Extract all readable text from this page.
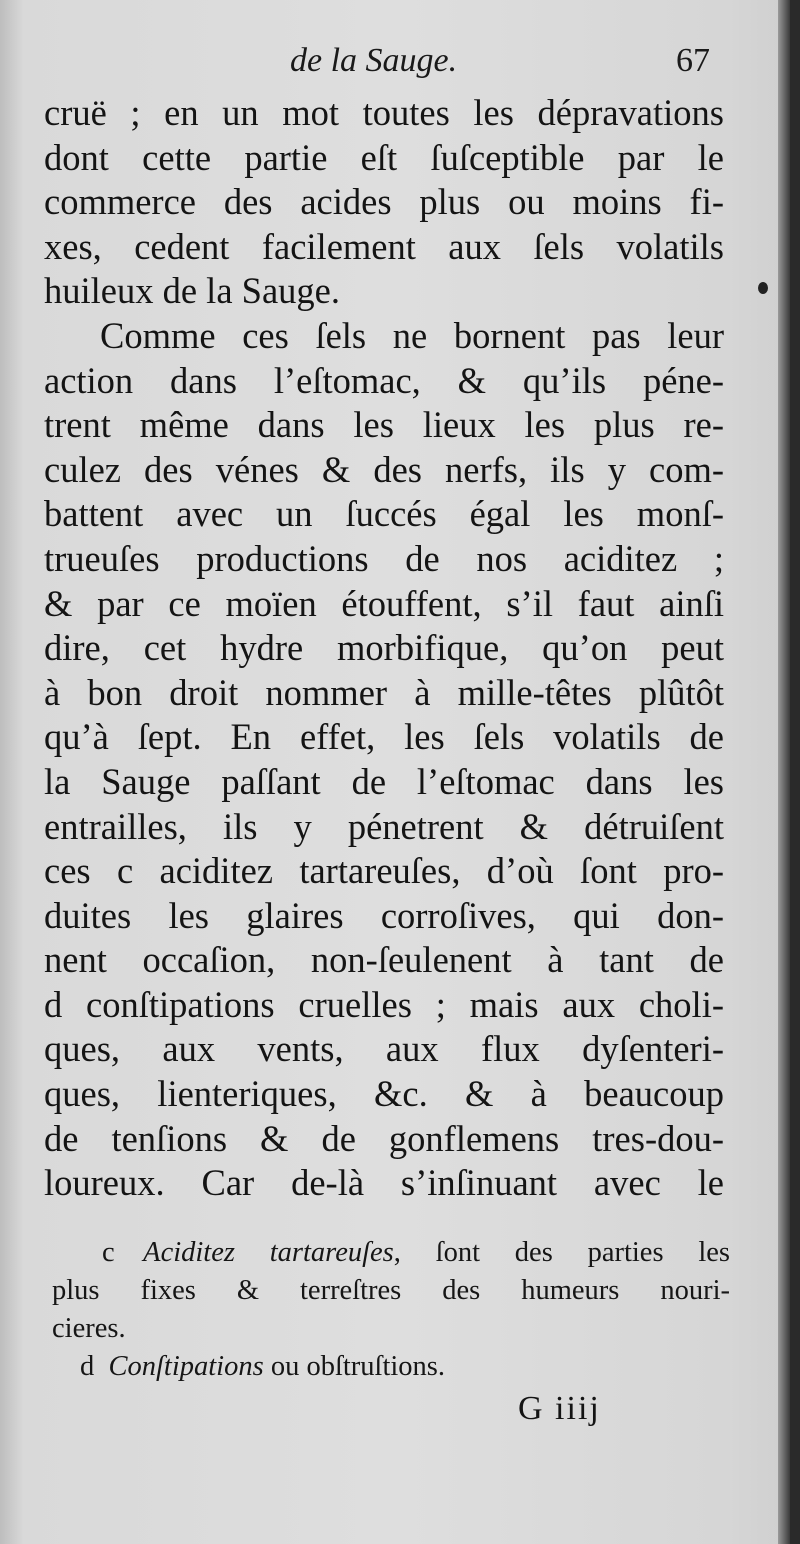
de la Sauge.	67
cruë ; en un mot toutes les dépravations
dont cette partie eſt ſuſceptible par le
commerce des acides plus ou moins fi-
xes, cedent facilement aux ſels volatils
huileux de la Sauge.
Comme ces ſels ne bornent pas leur
action dans l’eſtomac, & qu’ils péne-
trent même dans les lieux les plus re-
culez des vénes & des nerfs, ils y com-
battent avec un ſuccés égal les monſ-
trueuſes productions de nos aciditez ;
& par ce moïen étouffent, s’il faut ainſi
dire, cet hydre morbifique, qu’on peut
à bon droit nommer à mille-têtes plûtôt
qu’à ſept. En effet, les ſels volatils de
la Sauge paſſant de l’eſtomac dans les
entrailles, ils y pénetrent & détruiſent
ces c aciditez tartareuſes, d’où ſont pro-
duites les glaires corroſives, qui don-
nent occaſion, non-ſeulenent à tant de
d conſtipations cruelles ; mais aux choli-
ques, aux vents, aux flux dyſenteri-
ques, lienteriques, &c. & à beaucoup
de tenſions & de gonflemens tres-dou-
loureux. Car de-là s’inſinuant avec le
c  Aciditez tartareuſes, ſont des parties les
plus fixes & terreſtres des humeurs nouri-
cieres.
d  Conſtipations ou obſtruſtions.
G iiij
